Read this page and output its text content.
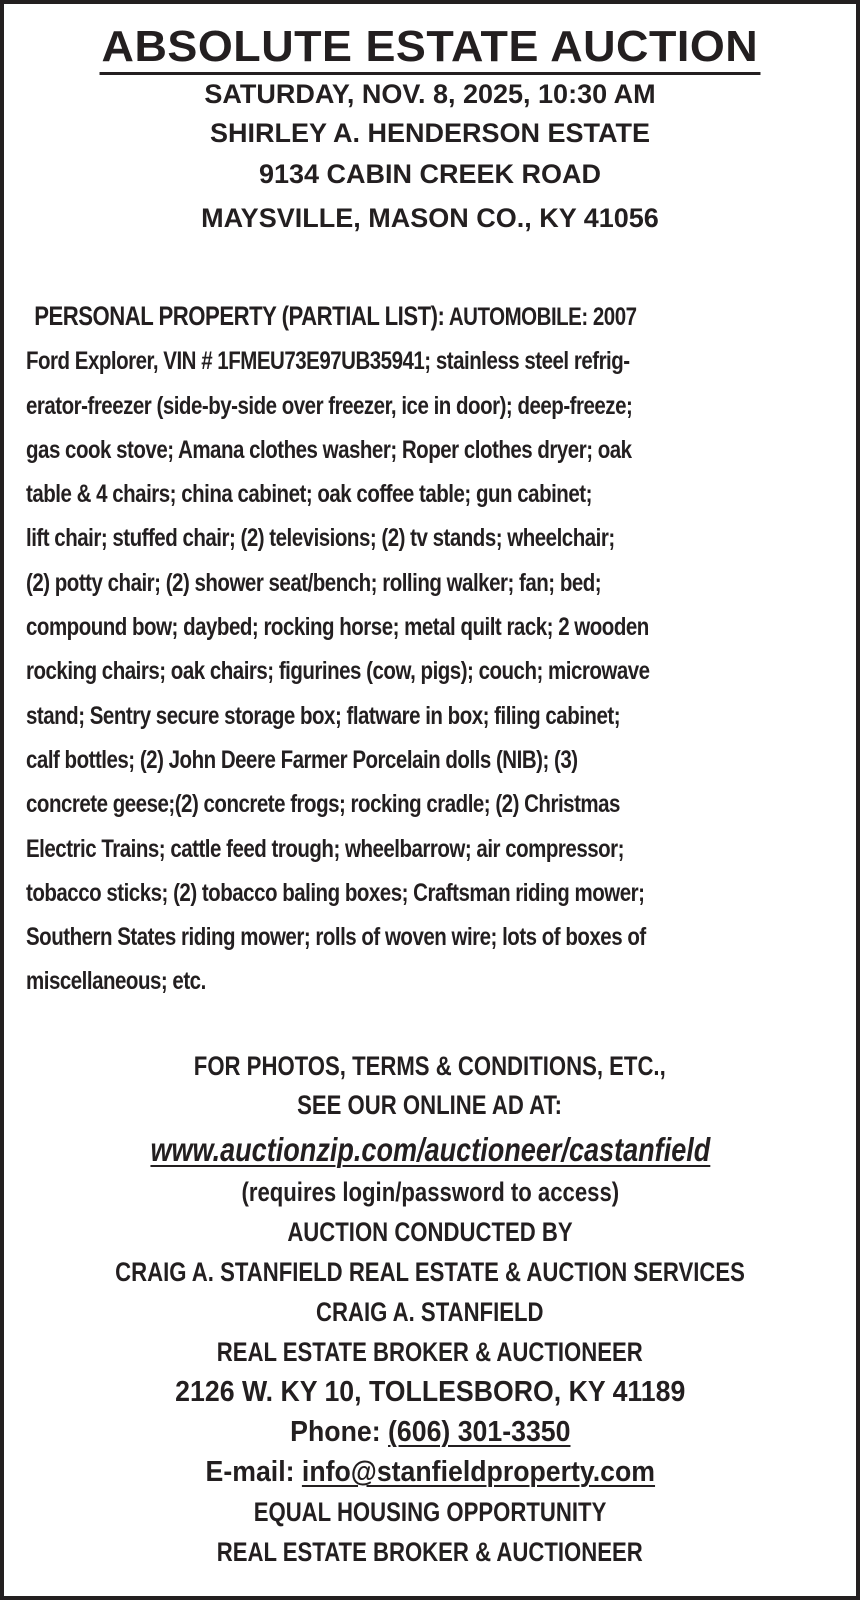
ABSOLUTE ESTATE AUCTION
SATURDAY, NOV. 8, 2025, 10:30 AM
SHIRLEY A. HENDERSON ESTATE
9134 CABIN CREEK ROAD
MAYSVILLE, MASON CO., KY 41056
PERSONAL PROPERTY (PARTIAL LIST): AUTOMOBILE: 2007
Ford Explorer, VIN # 1FMEU73E97UB35941; stainless steel refrig-
erator-freezer (side-by-side over freezer, ice in door); deep-freeze;
gas cook stove; Amana clothes washer; Roper clothes dryer; oak
table & 4 chairs; china cabinet; oak coffee table; gun cabinet;
lift chair; stuffed chair; (2) televisions; (2) tv stands; wheelchair;
(2) potty chair; (2) shower seat/bench; rolling walker; fan; bed;
compound bow; daybed; rocking horse; metal quilt rack; 2 wooden
rocking chairs; oak chairs; figurines (cow, pigs); couch; microwave
stand; Sentry secure storage box; flatware in box; filing cabinet;
calf bottles; (2) John Deere Farmer Porcelain dolls (NIB); (3)
concrete geese;(2) concrete frogs; rocking cradle; (2) Christmas
Electric Trains; cattle feed trough; wheelbarrow; air compressor;
tobacco sticks; (2) tobacco baling boxes; Craftsman riding mower;
Southern States riding mower; rolls of woven wire; lots of boxes of
miscellaneous; etc.
FOR PHOTOS, TERMS & CONDITIONS, ETC.,
SEE OUR ONLINE AD AT:
www.auctionzip.com/auctioneer/castanfield
(requires login/password to access)
AUCTION CONDUCTED BY
CRAIG A. STANFIELD REAL ESTATE & AUCTION SERVICES
CRAIG A. STANFIELD
REAL ESTATE BROKER & AUCTIONEER
2126 W. KY 10, TOLLESBORO, KY 41189
Phone: (606) 301-3350
E-mail: info@stanfieldproperty.com
EQUAL HOUSING OPPORTUNITY
REAL ESTATE BROKER & AUCTIONEER
